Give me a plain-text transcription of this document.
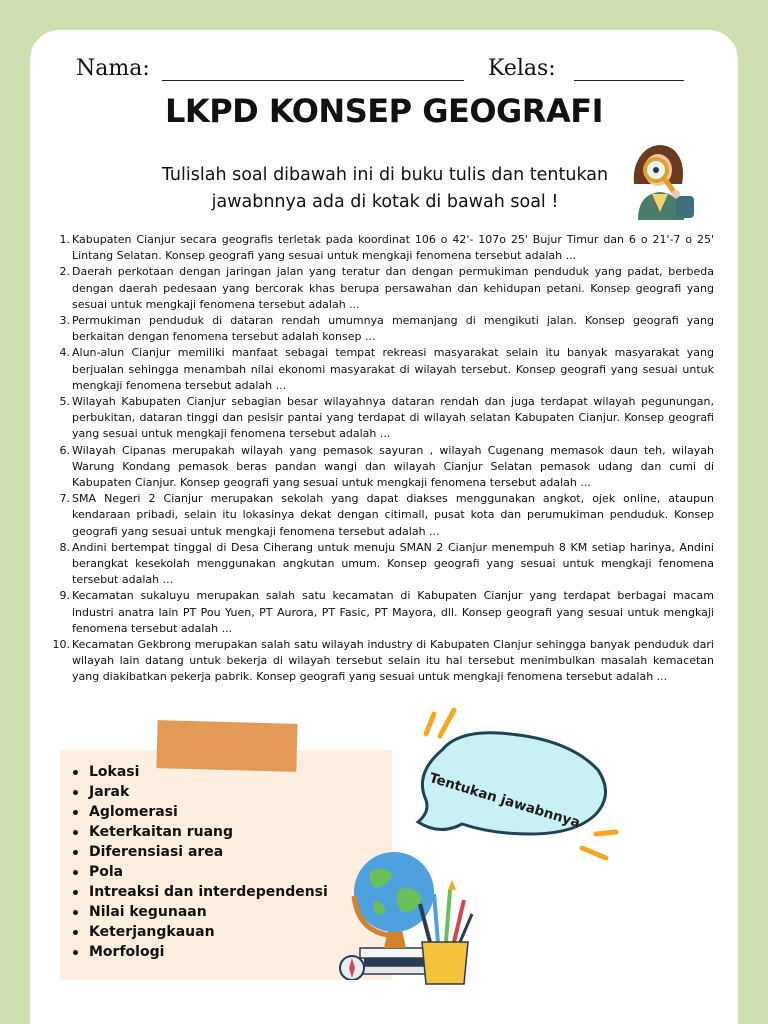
Nama:	Kelas:
LKPD KONSEP GEOGRAFI
Tulislah soal dibawah ini di buku tulis dan tentukan
jawabnnya ada di kotak di bawah soal !
1. Kabupaten Cianjur secara geografis terletak pada koordinat 106 o 42'- 107o 25' Bujur Timur dan 6 o 21'-7 o 25' Lintang Selatan. Konsep geografi yang sesuai untuk mengkaji fenomena tersebut adalah ...
2. Daerah perkotaan dengan jaringan jalan yang teratur dan dengan permukiman penduduk yang padat, berbeda dengan daerah pedesaan yang bercorak khas berupa persawahan dan kehidupan petani. Konsep geografi yang sesuai untuk mengkaji fenomena tersebut adalah ...
3. Permukiman penduduk di dataran rendah umumnya memanjang di mengikuti jalan. Konsep geografi yang berkaitan dengan fenomena tersebut adalah konsep ...
4. Alun-alun Cianjur memiliki manfaat sebagai tempat rekreasi masyarakat selain itu banyak masyarakat yang berjualan sehingga menambah nilai ekonomi masyarakat di wilayah tersebut. Konsep geografi yang sesuai untuk mengkaji fenomena tersebut adalah ...
5. Wilayah Kabupaten Cianjur sebagian besar wilayahnya dataran rendah dan juga terdapat wilayah pegunungan, perbukitan, dataran tinggi dan pesisir pantai yang terdapat di wilayah selatan Kabupaten Cianjur. Konsep geografi yang sesuai untuk mengkaji fenomena tersebut adalah ...
6. Wilayah Cipanas merupakah wilayah yang pemasok sayuran , wilayah Cugenang memasok daun teh, wilayah Warung Kondang pemasok beras pandan wangi dan wilayah Cianjur Selatan pemasok udang dan cumi di Kabupaten Cianjur. Konsep geografi yang sesuai untuk mengkaji fenomena tersebut adalah ...
7. SMA Negeri 2 Cianjur merupakan sekolah yang dapat diakses menggunakan angkot, ojek online, ataupun kendaraan pribadi, selain itu lokasinya dekat dengan citimall, pusat kota dan perumukiman penduduk. Konsep geografi yang sesuai untuk mengkaji fenomena tersebut adalah ...
8. Andini bertempat tinggal di Desa Ciherang untuk menuju SMAN 2 Cianjur menempuh 8 KM setiap harinya, Andini berangkat kesekolah menggunakan angkutan umum. Konsep geografi yang sesuai untuk mengkaji fenomena tersebut adalah ...
9. Kecamatan sukaluyu merupakan salah satu kecamatan di Kabupaten Cianjur yang terdapat berbagai macam industri anatra lain PT Pou Yuen, PT Aurora, PT Fasic, PT Mayora, dll. Konsep geografi yang sesuai untuk mengkaji fenomena tersebut adalah ...
10. Kecamatan Gekbrong merupakan salah satu wilayah industry di Kabupaten Cianjur sehingga banyak penduduk dari wilayah lain datang untuk bekerja di wilayah tersebut selain itu hal tersebut menimbulkan masalah kemacetan yang diakibatkan pekerja pabrik. Konsep geografi yang sesuai untuk mengkaji fenomena tersebut adalah ...
Lokasi
Jarak
Aglomerasi
Keterkaitan ruang
Diferensiasi area
Pola
Intreaksi dan interdependensi
Nilai kegunaan
Keterjangkauan
Morfologi
Tentukan jawabnnya
